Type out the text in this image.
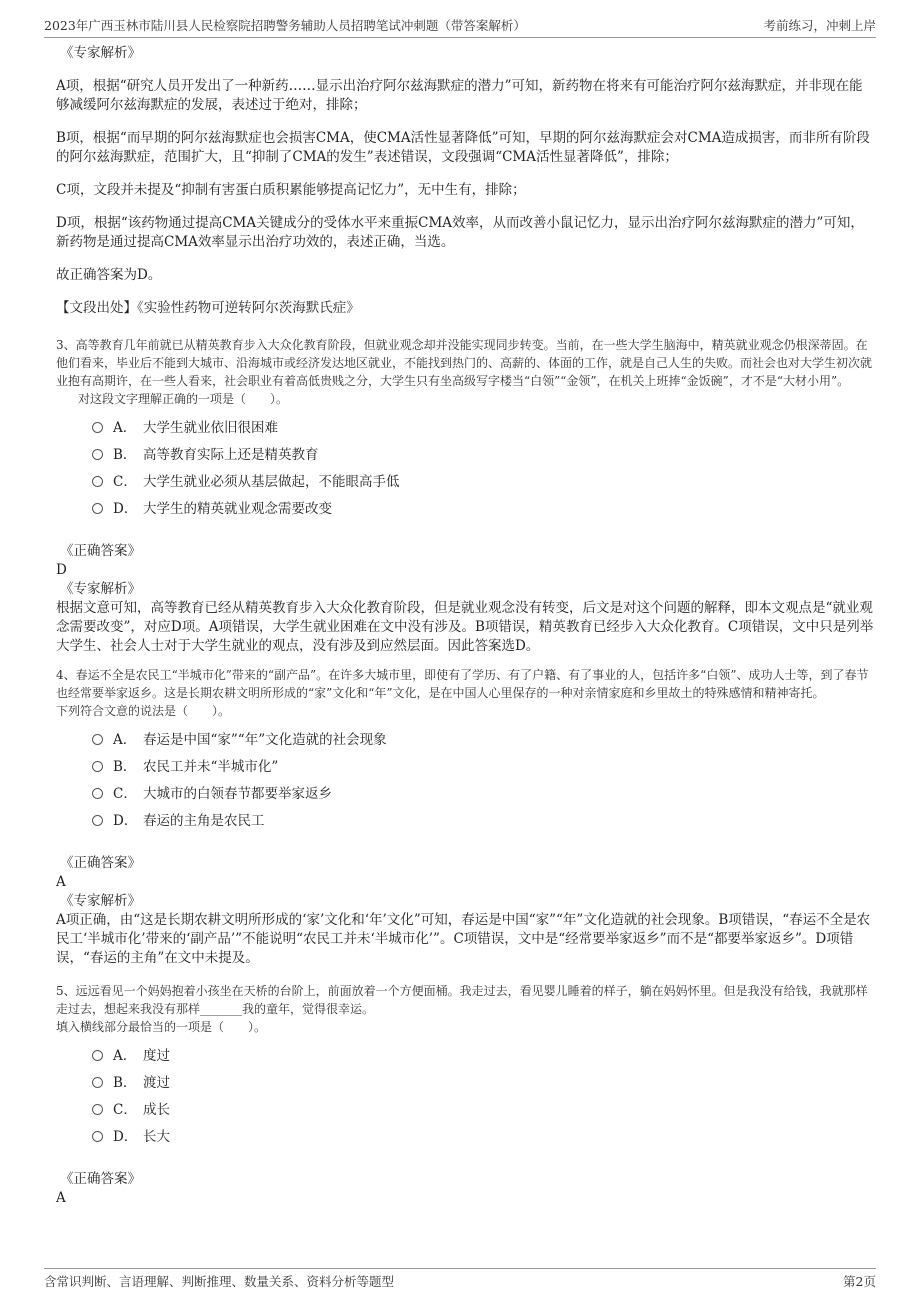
2023年广西玉林市陆川县人民检察院招聘警务辅助人员招聘笔试冲刺题（带答案解析）	考前练习，冲刺上岸
《专家解析》
A项，根据“研究人员开发出了一种新药……显示出治疗阿尔兹海默症的潜力”可知，新药物在将来有可能治疗阿尔兹海默症，并非现在能够减缓阿尔兹海默症的发展，表述过于绝对，排除；
B项，根据“而早期的阿尔兹海默症也会损害CMA，使CMA活性显著降低”可知，早期的阿尔兹海默症会对CMA造成损害，而非所有阶段的阿尔兹海默症，范围扩大，且“抑制了CMA的发生”表述错误，文段强调“CMA活性显著降低”，排除；
C项，文段并未提及“抑制有害蛋白质积累能够提高记忆力”，无中生有，排除；
D项，根据“该药物通过提高CMA关键成分的受体水平来重振CMA效率，从而改善小鼠记忆力，显示出治疗阿尔兹海默症的潜力”可知，新药物是通过提高CMA效率显示出治疗功效的，表述正确，当选。
故正确答案为D。
【文段出处】《实验性药物可逆转阿尔茨海默氏症》
3、高等教育几年前就已从精英教育步入大众化教育阶段，但就业观念却并没能实现同步转变。当前，在一些大学生脑海中，精英就业观念仍根深蒂固。在他们看来，毕业后不能到大城市、沿海城市或经济发达地区就业，不能找到热门的、高薪的、体面的工作，就是自己人生的失败。而社会也对大学生初次就业抱有高期许，在一些人看来，社会职业有着高低贵贱之分，大学生只有坐高级写字楼当“白领”“金领”，在机关上班捧“金饭碗”，才不是“大材小用”。
对这段文字理解正确的一项是（　　）。
A． 大学生就业依旧很困难
B． 高等教育实际上还是精英教育
C． 大学生就业必须从基层做起，不能眼高手低
D． 大学生的精英就业观念需要改变
《正确答案》
D
《专家解析》
根据文意可知，高等教育已经从精英教育步入大众化教育阶段，但是就业观念没有转变，后文是对这个问题的解释，即本文观点是“就业观念需要改变”，对应D项。A项错误，大学生就业困难在文中没有涉及。B项错误，精英教育已经步入大众化教育。C项错误，文中只是列举大学生、社会人士对于大学生就业的观点，没有涉及到应然层面。因此答案选D。
4、春运不全是农民工“半城市化”带来的“副产品”。在许多大城市里，即使有了学历、有了户籍、有了事业的人，包括许多“白领”、成功人士等，到了春节也经常要举家返乡。这是长期农耕文明所形成的“家”文化和“年”文化，是在中国人心里保存的一种对亲情家庭和乡里故土的特殊感情和精神寄托。
下列符合文意的说法是（　　）。
A． 春运是中国“家”“年”文化造就的社会现象
B． 农民工并未“半城市化”
C． 大城市的白领春节都要举家返乡
D． 春运的主角是农民工
《正确答案》
A
《专家解析》
A项正确，由“这是长期农耕文明所形成的‘家’文化和‘年’文化”可知，春运是中国“家”“年”文化造就的社会现象。B项错误，“春运不全是农民工‘半城市化’带来的‘副产品’”不能说明“农民工并未‘半城市化’”。C项错误，文中是“经常要举家返乡”而不是“都要举家返乡”。D项错误，“春运的主角”在文中未提及。
5、远远看见一个妈妈抱着小孩坐在天桥的台阶上，前面放着一个方便面桶。我走过去，看见婴儿睡着的样子，躺在妈妈怀里。但是我没有给钱，我就那样走过去，想起来我没有那样_______我的童年，觉得很幸运。
填入横线部分最恰当的一项是（　　）。
A． 度过
B． 渡过
C． 成长
D． 长大
《正确答案》
A
含常识判断、言语理解、判断推理、数量关系、资料分析等题型	第2页
